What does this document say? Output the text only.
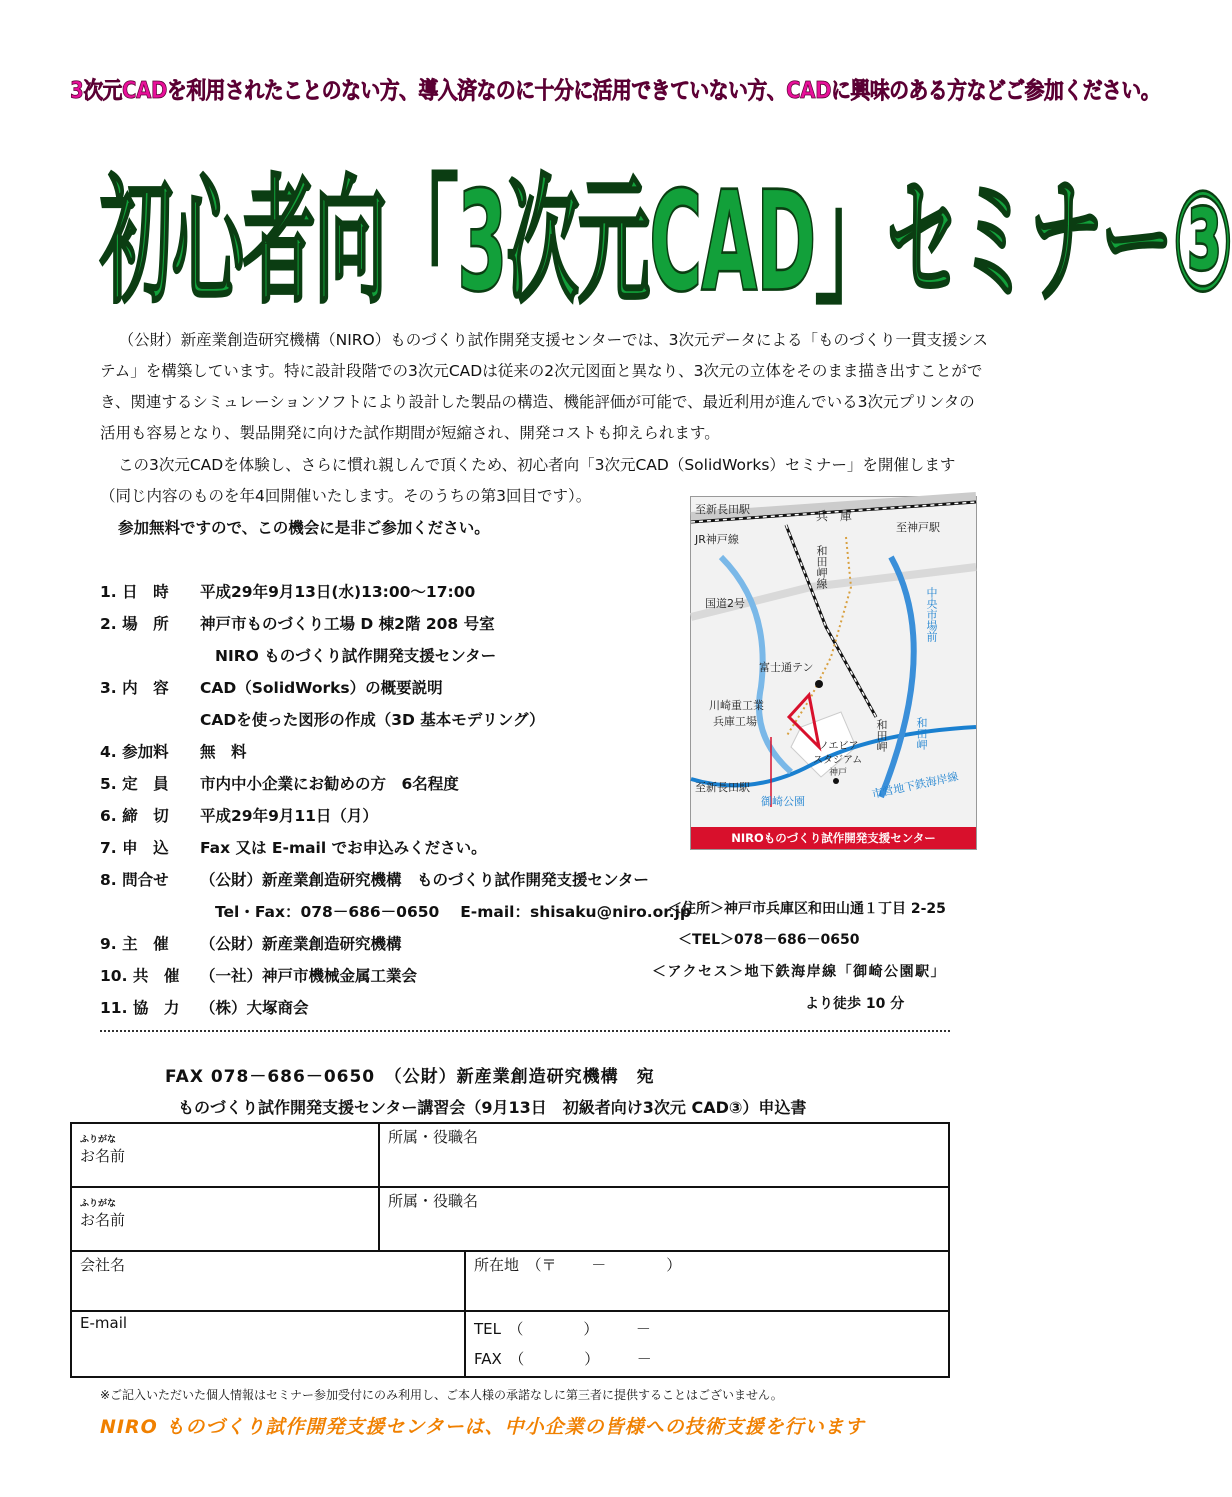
3次元CADを利用されたことのない方、導入済なのに十分に活用できていない方、CADに興味のある方などご参加ください。
初心者向「3次元CAD」セミナー③
（公財）新産業創造研究機構（NIRO）ものづくり試作開発支援センターでは、3次元データによる「ものづくり一貫支援システム」を構築しています。特に設計段階での3次元CADは従来の2次元図面と異なり、3次元の立体をそのまま描き出すことができ、関連するシミュレーションソフトにより設計した製品の構造、機能評価が可能で、最近利用が進んでいる3次元プリンタの活用も容易となり、製品開発に向けた試作期間が短縮され、開発コストも抑えられます。
この3次元CADを体験し、さらに慣れ親しんで頂くため、初心者向「3次元CAD（SolidWorks）セミナー」を開催します
（同じ内容のものを年4回開催いたします。そのうちの第3回目です）。
参加無料ですので、この機会に是非ご参加ください。
1. 日　時 平成29年9月13日(水)13:00～17:00
2. 場　所 神戸市ものづくり工場 D 棟2階 208 号室
NIRO ものづくり試作開発支援センター
3. 内　容 CAD（SolidWorks）の概要説明
CADを使った図形の作成（3D 基本モデリング）
4. 参加料 無　料
5. 定　員 市内中小企業にお勧めの方　6名程度
6. 締　切 平成29年9月11日（月）
7. 申　込 Fax 又は E-mail でお申込みください。
8. 問合せ （公財）新産業創造研究機構　ものづくり試作開発支援センター
Tel・Fax：078－686－0650　 E-mail：shisaku@niro.or.jp
9. 主　催 （公財）新産業創造研究機構
10. 共　催 （一社）神戸市機械金属工業会
11. 協　力 （株）大塚商会
至新長田駅	兵　庫
至神戸駅
JR神戸線
和田岬線
国道2号	中央市場前
富士通テン
川崎重工業
兵庫工場	和田岬
ノエビア
スタジアム
神戸
至新長田駅
御崎公園
市営地下鉄海岸線
和田岬
NIROものづくり試作開発支援センター
＜住所＞神戸市兵庫区和田山通１丁目 2-25
＜TEL＞078－686－0650
＜アクセス＞地下鉄海岸線「御崎公園駅」
より徒歩 10 分
FAX 078－686－0650　（公財）新産業創造研究機構　宛
ものづくり試作開発支援センター講習会（9月13日　初級者向け3次元 CAD③）申込書
ふりがな
お名前	所属・役職名	

ふりがな
お名前	所属・役職名	
会社名		所在地　（〒　　 －　　　　）
E-mail		TEL　（　　　　）　　　－
FAX　（　　　　）　　　－
※ご記入いただいた個人情報はセミナー参加受付にのみ利用し、ご本人様の承諾なしに第三者に提供することはございません。
NIRO ものづくり試作開発支援センターは、中小企業の皆様への技術支援を行います
